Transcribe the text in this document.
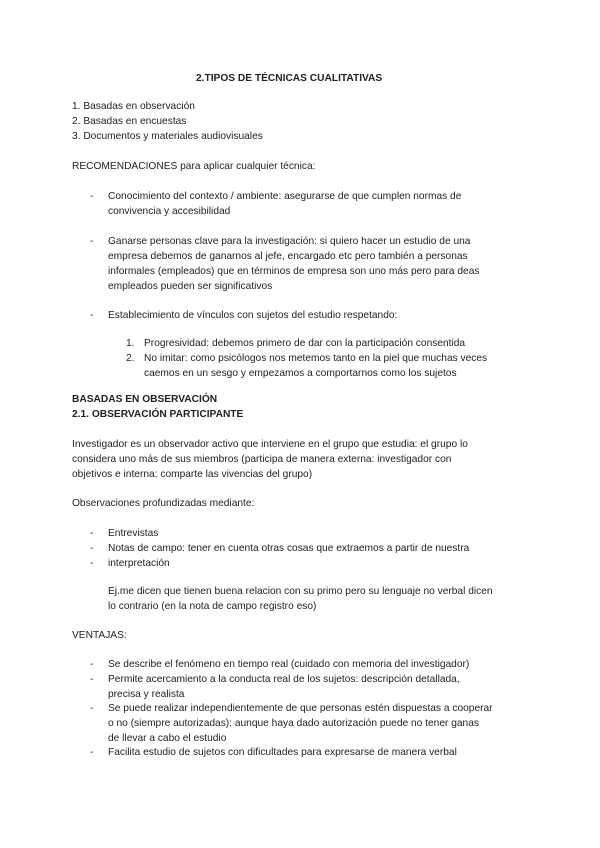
2.TIPOS DE TÉCNICAS CUALITATIVAS
1. Basadas en observación
2. Basadas en encuestas
3. Documentos y materiales audiovisuales
RECOMENDACIONES para aplicar cualquier técnica:
- Conocimiento del contexto / ambiente: asegurarse de que cumplen normas de
convivencia y accesibilidad
- Ganarse personas clave para la investigación: si quiero hacer un estudio de una
empresa debemos de ganarnos al jefe, encargado etc pero también a personas
informales (empleados) que en términos de empresa son uno más pero para deas
empleados pueden ser significativos
- Establecimiento de vínculos con sujetos del estudio respetando:
1. Progresividad: debemos primero de dar con la participación consentida
2. No imitar: como psicólogos nos metemos tanto en la piel que muchas veces
caemos en un sesgo y empezamos a comportarnos como los sujetos
BASADAS EN OBSERVACIÓN
2.1. OBSERVACIÓN PARTICIPANTE
Investigador es un observador activo que interviene en el grupo que estudia: el grupo lo
considera uno más de sus miembros (participa de manera externa: investigador con
objetivos e interna: comparte las vivencias del grupo)
Observaciones profundizadas mediante:
- Entrevistas
- Notas de campo: tener en cuenta otras cosas que extraemos a partir de nuestra
- interpretación
Ej.me dicen que tienen buena relacion con su primo pero su lenguaje no verbal dicen
lo contrario (en la nota de campo registro eso)
VENTAJAS:
- Se describe el fenómeno en tiempo real (cuidado con memoria del investigador)
- Permite acercamiento a la conducta real de los sujetos: descripción detallada,
precisa y realista
- Se puede realizar independientemente de que personas estén dispuestas a cooperar
o no (siempre autorizadas): aunque haya dado autorización puede no tener ganas
de llevar a cabo el estudio
- Facilita estudio de sujetos con dificultades para expresarse de manera verbal
